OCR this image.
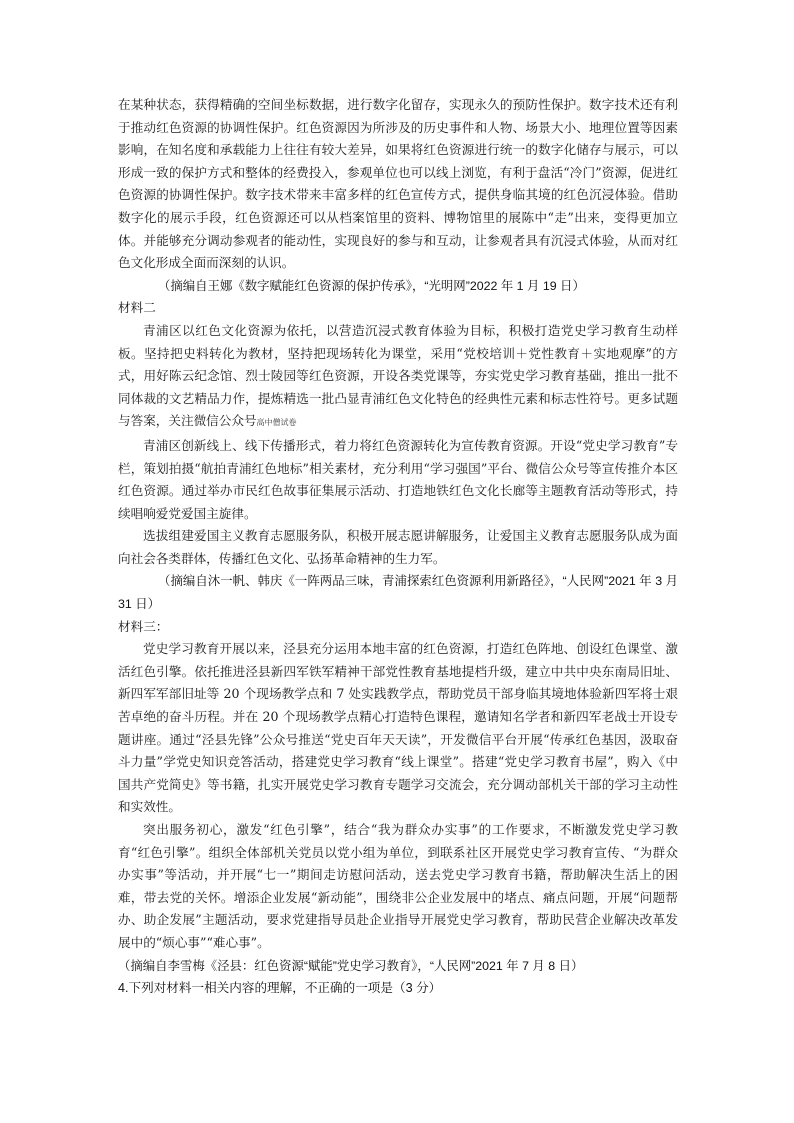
在某种状态，获得精确的空间坐标数据，进行数字化留存，实现永久的预防性保护。数字技术还有利于推动红色资源的协调性保护。红色资源因为所涉及的历史事件和人物、场景大小、地理位置等因素影响，在知名度和承载能力上往往有较大差异，如果将红色资源进行统一的数字化储存与展示，可以形成一致的保护方式和整体的经费投入，参观单位也可以线上浏览，有利于盘活“冷门”资源，促进红色资源的协调性保护。数字技术带来丰富多样的红色宣传方式，提供身临其境的红色沉浸体验。借助数字化的展示手段，红色资源还可以从档案馆里的资料、博物馆里的展陈中“走”出来，变得更加立体。并能够充分调动参观者的能动性，实现良好的参与和互动，让参观者具有沉浸式体验，从而对红色文化形成全面而深刻的认识。

（摘编自王娜《数字赋能红色资源的保护传承》，“光明网”2022 年 1 月 19 日）

材料二

青浦区以红色文化资源为依托，以营造沉浸式教育体验为目标，积极打造党史学习教育生动样板。坚持把史料转化为教材，坚持把现场转化为课堂，采用“党校培训＋党性教育＋实地观摩”的方式，用好陈云纪念馆、烈士陵园等红色资源，开设各类党课等，夯实党史学习教育基础，推出一批不同体裁的文艺精品力作，提炼精选一批凸显青浦红色文化特色的经典性元素和标志性符号。更多试题与答案，关注微信公众号高中僧试卷

青浦区创新线上、线下传播形式，着力将红色资源转化为宣传教育资源。开设“党史学习教育”专栏，策划拍摄“航拍青浦红色地标”相关素材，充分利用“学习强国”平台、微信公众号等宣传推介本区红色资源。通过举办市民红色故事征集展示活动、打造地铁红色文化长廊等主题教育活动等形式，持续唱响爱党爱国主旋律。

选拔组建爱国主义教育志愿服务队，积极开展志愿讲解服务，让爱国主义教育志愿服务队成为面向社会各类群体，传播红色文化、弘扬革命精神的生力军。

（摘编自沐一帆、韩庆《一阵两品三味，青浦探索红色资源利用新路径》，“人民网”2021 年 3 月 31 日）

材料三：

党史学习教育开展以来，泾县充分运用本地丰富的红色资源，打造红色阵地、创设红色课堂、激活红色引擎。依托推进泾县新四军铁军精神干部党性教育基地提档升级，建立中共中央东南局旧址、新四军军部旧址等 20 个现场教学点和 7 处实践教学点，帮助党员干部身临其境地体验新四军将士艰苦卓绝的奋斗历程。并在 20 个现场教学点精心打造特色课程，邀请知名学者和新四军老战士开设专题讲座。通过“泾县先锋”公众号推送“党史百年天天读”，开发微信平台开展“传承红色基因，汲取奋斗力量”学党史知识竞答活动，搭建党史学习教育“线上课堂”。搭建“党史学习教育书屋”，购入《中国共产党简史》等书籍，扎实开展党史学习教育专题学习交流会，充分调动部机关干部的学习主动性和实效性。

突出服务初心，激发“红色引擎”，结合“我为群众办实事”的工作要求，不断激发党史学习教育“红色引擎”。组织全体部机关党员以党小组为单位，到联系社区开展党史学习教育宣传、“为群众办实事”等活动，并开展“七一”期间走访慰问活动，送去党史学习教育书籍，帮助解决生活上的困难，带去党的关怀。增添企业发展“新动能”，围绕非公企业发展中的堵点、痛点问题，开展“问题帮办、助企发展”主题活动，要求党建指导员赴企业指导开展党史学习教育，帮助民营企业解决改革发展中的“烦心事”“难心事”。

（摘编自李雪梅《泾县：红色资源“赋能”党史学习教育》，“人民网”2021 年 7 月 8 日）

4.下列对材料一相关内容的理解，不正确的一项是（3 分）
